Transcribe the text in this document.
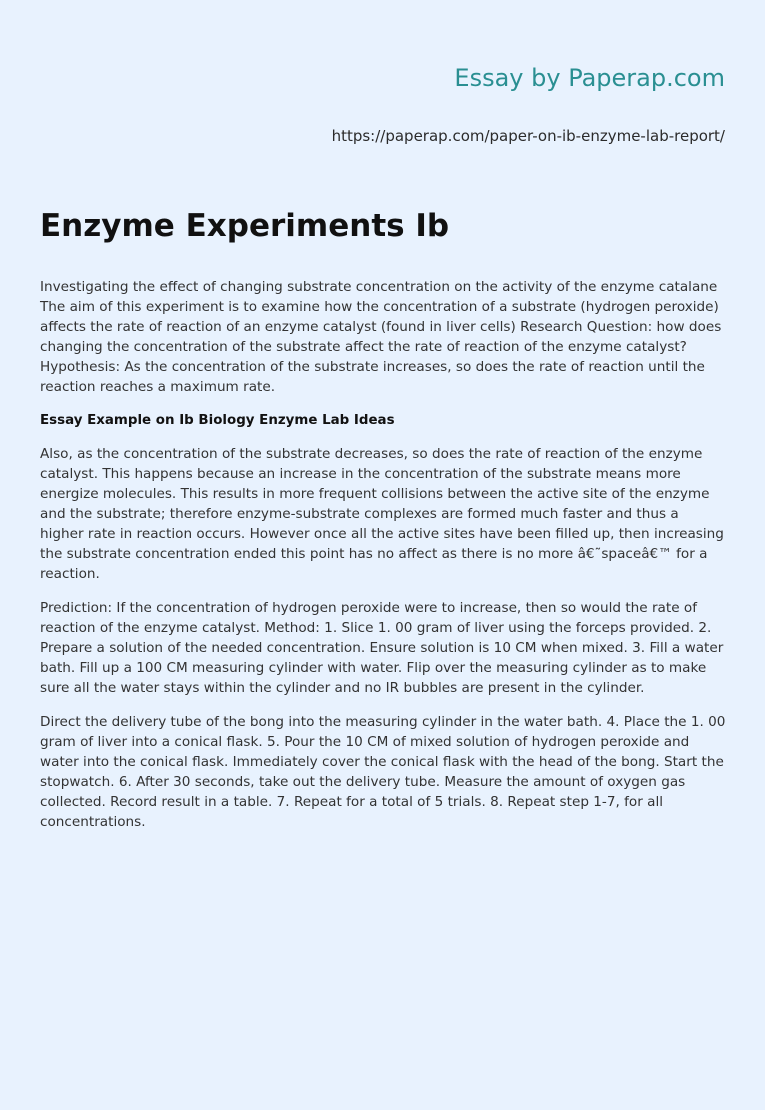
Essay by Paperap.com
https://paperap.com/paper-on-ib-enzyme-lab-report/
Enzyme Experiments Ib

Investigating the effect of changing substrate concentration on the activity of the enzyme catalane The aim of this experiment is to examine how the concentration of a substrate (hydrogen peroxide) affects the rate of reaction of an enzyme catalyst (found in liver cells) Research Question: how does changing the concentration of the substrate affect the rate of reaction of the enzyme catalyst? Hypothesis: As the concentration of the substrate increases, so does the rate of reaction until the reaction reaches a maximum rate.

Essay Example on Ib Biology Enzyme Lab Ideas

Also, as the concentration of the substrate decreases, so does the rate of reaction of the enzyme catalyst. This happens because an increase in the concentration of the substrate means more energize molecules. This results in more frequent collisions between the active site of the enzyme and the substrate; therefore enzyme-substrate complexes are formed much faster and thus a higher rate in reaction occurs. However once all the active sites have been filled up, then increasing the substrate concentration ended this point has no affect as there is no more â€˜spaceâ€™ for a reaction.

Prediction: If the concentration of hydrogen peroxide were to increase, then so would the rate of reaction of the enzyme catalyst. Method: 1. Slice 1. 00 gram of liver using the forceps provided. 2. Prepare a solution of the needed concentration. Ensure solution is 10 CM when mixed. 3. Fill a water bath. Fill up a 100 CM measuring cylinder with water. Flip over the measuring cylinder as to make sure all the water stays within the cylinder and no IR bubbles are present in the cylinder.

Direct the delivery tube of the bong into the measuring cylinder in the water bath. 4. Place the 1. 00 gram of liver into a conical flask. 5. Pour the 10 CM of mixed solution of hydrogen peroxide and water into the conical flask. Immediately cover the conical flask with the head of the bong. Start the stopwatch. 6. After 30 seconds, take out the delivery tube. Measure the amount of oxygen gas collected. Record result in a table. 7. Repeat for a total of 5 trials. 8. Repeat step 1-7, for all concentrations.
